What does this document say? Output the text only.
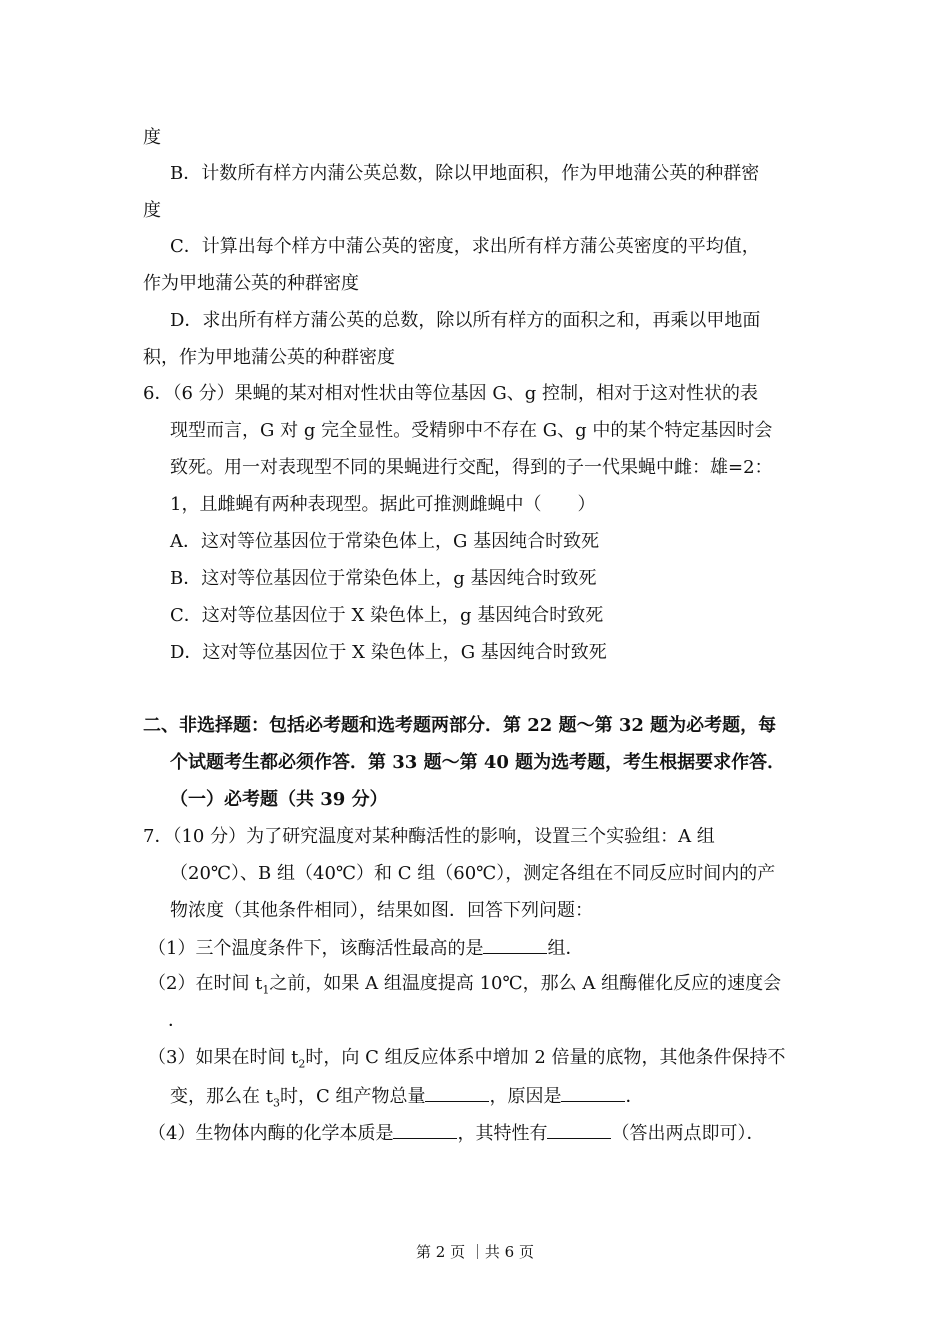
度
B．计数所有样方内蒲公英总数，除以甲地面积，作为甲地蒲公英的种群密
度
C．计算出每个样方中蒲公英的密度，求出所有样方蒲公英密度的平均值，
作为甲地蒲公英的种群密度
D．求出所有样方蒲公英的总数，除以所有样方的面积之和，再乘以甲地面
积，作为甲地蒲公英的种群密度
6．（6 分）果蝇的某对相对性状由等位基因 G、g 控制，相对于这对性状的表
现型而言，G 对 g 完全显性。受精卵中不存在 G、g 中的某个特定基因时会
致死。用一对表现型不同的果蝇进行交配，得到的子一代果蝇中雌：雄=2：
1，且雌蝇有两种表现型。据此可推测雌蝇中（　　）
A．这对等位基因位于常染色体上，G 基因纯合时致死
B．这对等位基因位于常染色体上，g 基因纯合时致死
C．这对等位基因位于 X 染色体上，g 基因纯合时致死
D．这对等位基因位于 X 染色体上，G 基因纯合时致死
二、非选择题：包括必考题和选考题两部分．第 22 题～第 32 题为必考题，每
个试题考生都必须作答．第 33 题～第 40 题为选考题，考生根据要求作答．
（一）必考题（共 39 分）
7．（10 分）为了研究温度对某种酶活性的影响，设置三个实验组：A 组
（20℃）、B 组（40℃）和 C 组（60℃），测定各组在不同反应时间内的产
物浓度（其他条件相同），结果如图．回答下列问题：
（1）三个温度条件下，该酶活性最高的是	组．
（2）在时间 $t_1$之前，如果 A 组温度提高 10℃，那么 A 组酶催化反应的速度会
．
（3）如果在时间 $t_2$时，向 C 组反应体系中增加 2 倍量的底物，其他条件保持不
变，那么在 $t_3$时，C 组产物总量	，原因是	．
（4）生物体内酶的化学本质是	，其特性有	（答出两点即可）．
第 2 页 ｜共 6 页
